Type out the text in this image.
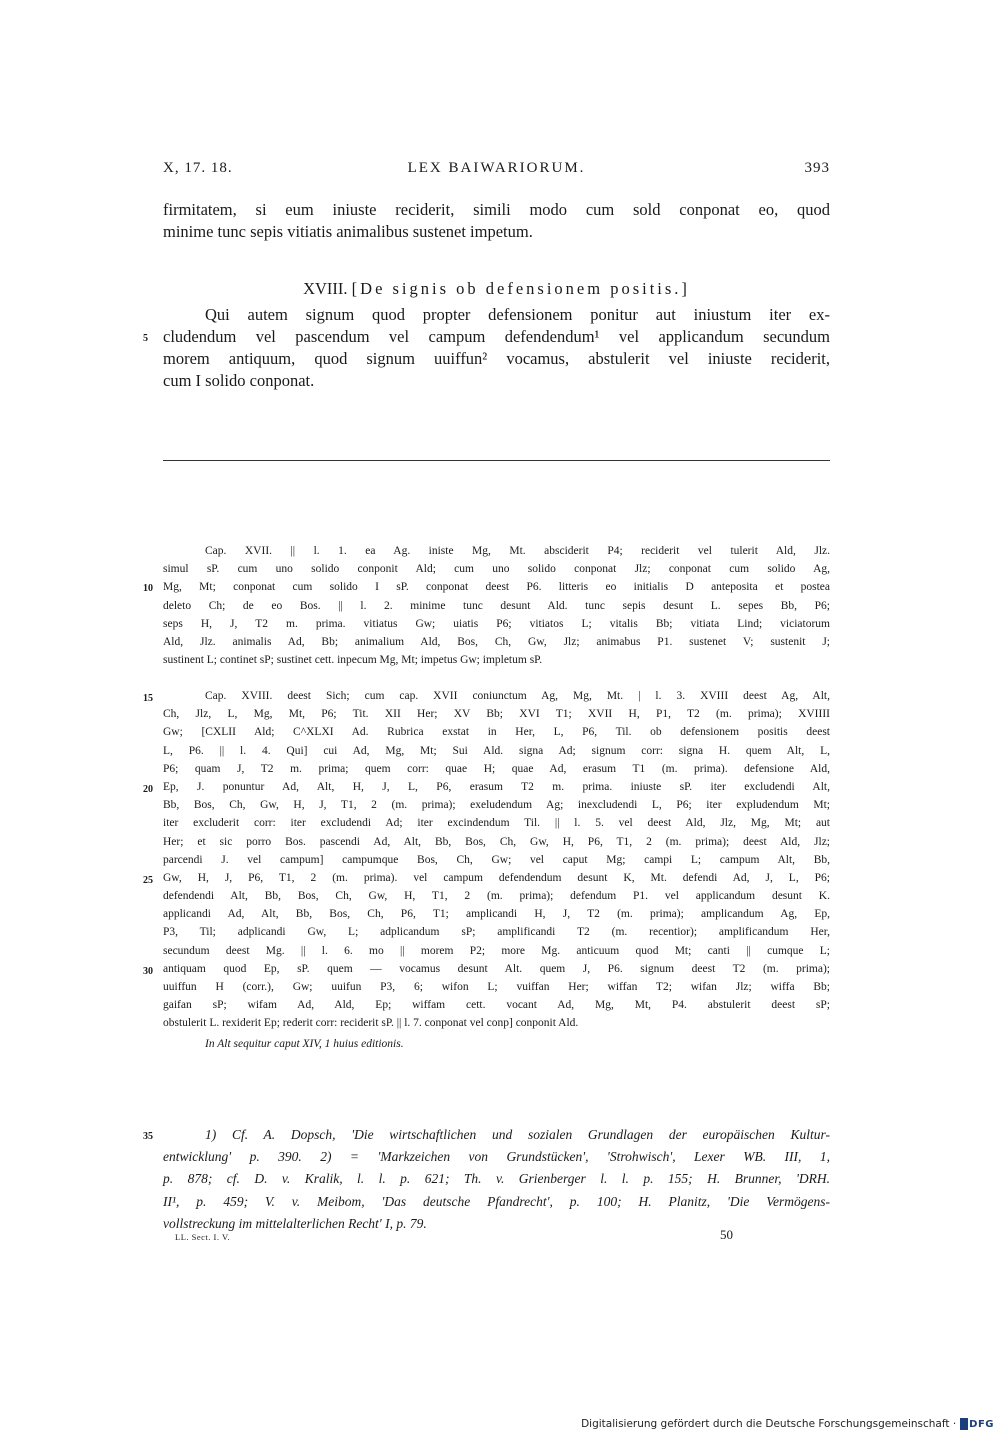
X, 17. 18.	LEX BAIWARIORUM.	393
firmitatem, si eum iniuste reciderit, simili modo cum sold conponat eo, quod
minime tunc sepis vitiatis animalibus sustenet impetum.
XVIII. [De signis ob defensionem positis.]
Qui autem signum quod propter defensionem ponitur aut iniustum iter ex-
cludendum vel pascendum vel campum defendendum¹ vel applicandum secundum
morem antiquum, quod signum uuiffun² vocamus, abstulerit vel iniuste reciderit,
cum I solido conponat.
5
Cap. XVII. || l. 1. ea Ag. iniste Mg, Mt. absciderit P4; reciderit vel tulerit Ald, Jlz.
simul sP. cum uno solido conponit Ald; cum uno solido conponat Jlz; conponat cum solido Ag,
Mg, Mt; conponat cum solido I sP. conponat deest P6. litteris eo initialis D anteposita et postea
deleto Ch; de eo Bos. || l. 2. minime tunc desunt Ald. tunc sepis desunt L. sepes Bb, P6;
seps H, J, T2 m. prima. vitiatus Gw; uiatis P6; vitiatos L; vitalis Bb; vitiata Lind; viciatorum
Ald, Jlz. animalis Ad, Bb; animalium Ald, Bos, Ch, Gw, Jlz; animabus P1. sustenet V; sustenit J;
sustinent L; continet sP; sustinet cett. inpecum Mg, Mt; impetus Gw; impletum sP.
10
Cap. XVIII. deest Sich; cum cap. XVII coniunctum Ag, Mg, Mt. | l. 3. XVIII deest Ag, Alt,
Ch, Jlz, L, Mg, Mt, P6; Tit. XII Her; XV Bb; XVI T1; XVII H, P1, T2 (m. prima); XVIIII
Gw; [CXLII Ald; C^XLXI Ad. Rubrica exstat in Her, L, P6, Til. ob defensionem positis deest
L, P6. || l. 4. Qui] cui Ad, Mg, Mt; Sui Ald. signa Ad; signum corr: signa H. quem Alt, L,
P6; quam J, T2 m. prima; quem corr: quae H; quae Ad, erasum T1 (m. prima). defensione Ald,
Ep, J. ponuntur Ad, Alt, H, J, L, P6, erasum T2 m. prima. iniuste sP. iter excludendi Alt,
Bb, Bos, Ch, Gw, H, J, T1, 2 (m. prima); exeludendum Ag; inexcludendi L, P6; iter expludendum Mt;
iter excluderit corr: iter excludendi Ad; iter excindendum Til. || l. 5. vel deest Ald, Jlz, Mg, Mt; aut
Her; et sic porro Bos. pascendi Ad, Alt, Bb, Bos, Ch, Gw, H, P6, T1, 2 (m. prima); deest Ald, Jlz;
parcendi J. vel campum] campumque Bos, Ch, Gw; vel caput Mg; campi L; campum Alt, Bb,
Gw, H, J, P6, T1, 2 (m. prima). vel campum defendendum desunt K, Mt. defendi Ad, J, L, P6;
defendendi Alt, Bb, Bos, Ch, Gw, H, T1, 2 (m. prima); defendum P1. vel applicandum desunt K.
applicandi Ad, Alt, Bb, Bos, Ch, P6, T1; amplicandi H, J, T2 (m. prima); amplicandum Ag, Ep,
P3, Til; adplicandi Gw, L; adplicandum sP; amplificandi T2 (m. recentior); amplificandum Her,
secundum deest Mg. || l. 6. mo || morem P2; more Mg. anticuum quod Mt; canti || cumque L;
antiquam quod Ep, sP. quem — vocamus desunt Alt. quem J, P6. signum deest T2 (m. prima);
uuiffun H (corr.), Gw; uuifun P3, 6; wifon L; vuiffan Her; wiffan T2; wifan Jlz; wiffa Bb;
gaifan sP; wifam Ad, Ald, Ep; wiffam cett. vocant Ad, Mg, Mt, P4. abstulerit deest sP;
obstulerit L. rexiderit Ep; rederit corr: reciderit sP. || l. 7. conponat vel conp] conponit Ald.
In Alt sequitur caput XIV, 1 huius editionis.
15
20
25
30
1) Cf. A. Dopsch, 'Die wirtschaftlichen und sozialen Grundlagen der europäischen Kultur-
entwicklung' p. 390. 2) = 'Markzeichen von Grundstücken', 'Strohwisch', Lexer WB. III, 1,
p. 878; cf. D. v. Kralik, l. l. p. 621; Th. v. Grienberger l. l. p. 155; H. Brunner, 'DRH.
II¹, p. 459; V. v. Meibom, 'Das deutsche Pfandrecht', p. 100; H. Planitz, 'Die Vermögens-
vollstreckung im mittelalterlichen Recht' I, p. 79.
35
LL. Sect. I. V.	50
Digitalisierung gefördert durch die Deutsche Forschungsgemeinschaft · DFG
